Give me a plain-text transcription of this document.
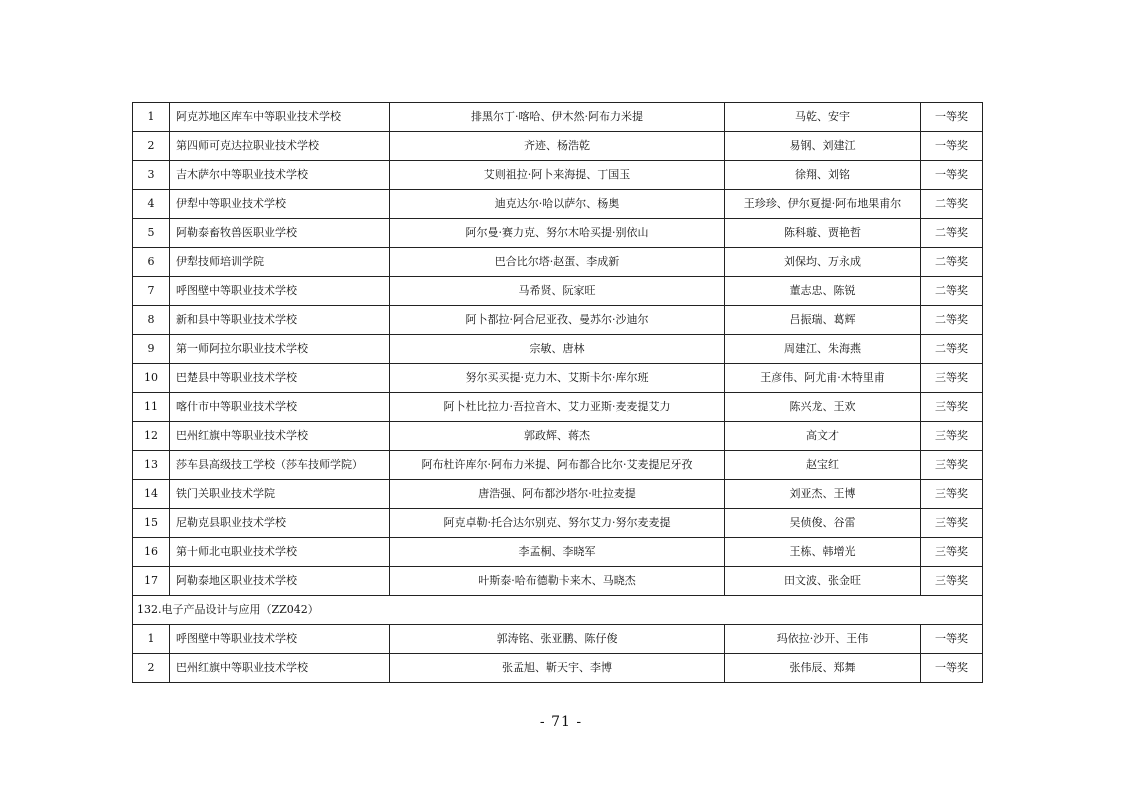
1	阿克苏地区库车中等职业技术学校	排黑尔丁·喀哈、伊木然·阿布力米提	马乾、安宇	一等奖
2	第四师可克达拉职业技术学校	齐迹、杨浩乾	易钢、刘建江	一等奖
3	吉木萨尔中等职业技术学校	艾则祖拉·阿卜来海提、丁国玉	徐翔、刘铭	一等奖
4	伊犁中等职业技术学校	迪克达尔·哈以萨尔、杨奥	王珍珍、伊尔夏提·阿布地果甫尔	二等奖
5	阿勒泰畜牧兽医职业学校	阿尔曼·赛力克、努尔木哈买提·别依山	陈科璇、贾艳哲	二等奖
6	伊犁技师培训学院	巴合比尔塔·赵蛋、李成新	刘保均、万永成	二等奖
7	呼图壁中等职业技术学校	马希贤、阮家旺	董志忠、陈锐	二等奖
8	新和县中等职业技术学校	阿卜都拉·阿合尼亚孜、曼苏尔·沙迪尔	吕振瑞、葛辉	二等奖
9	第一师阿拉尔职业技术学校	宗敏、唐林	周建江、朱海燕	二等奖
10	巴楚县中等职业技术学校	努尔买买提·克力木、艾斯卡尔·库尔班	王彦伟、阿尤甫·木特里甫	三等奖
11	喀什市中等职业技术学校	阿卜杜比拉力·吾拉音木、艾力亚斯·麦麦提艾力	陈兴龙、王欢	三等奖
12	巴州红旗中等职业技术学校	郭政辉、蒋杰	高文才	三等奖
13	莎车县高级技工学校（莎车技师学院）	阿布杜许库尔·阿布力米提、阿布都合比尔·艾麦提尼牙孜	赵宝红	三等奖
14	铁门关职业技术学院	唐浩强、阿布都沙塔尔·吐拉麦提	刘亚杰、王博	三等奖
15	尼勒克县职业技术学校	阿克卓勒·托合达尔别克、努尔艾力·努尔麦麦提	吴侦俊、谷雷	三等奖
16	第十师北屯职业技术学校	李孟桐、李晓军	王栋、韩增光	三等奖
17	阿勒泰地区职业技术学校	叶斯泰·哈布德勒卡来木、马晓杰	田文波、张金旺	三等奖
132.电子产品设计与应用（ZZ042）				
1	呼图壁中等职业技术学校	郭涛铭、张亚鹏、陈仔俊	玛依拉·沙开、王伟	一等奖
2	巴州红旗中等职业技术学校	张孟旭、靳天宇、李博	张伟辰、郑舞	一等奖
- 71 -
